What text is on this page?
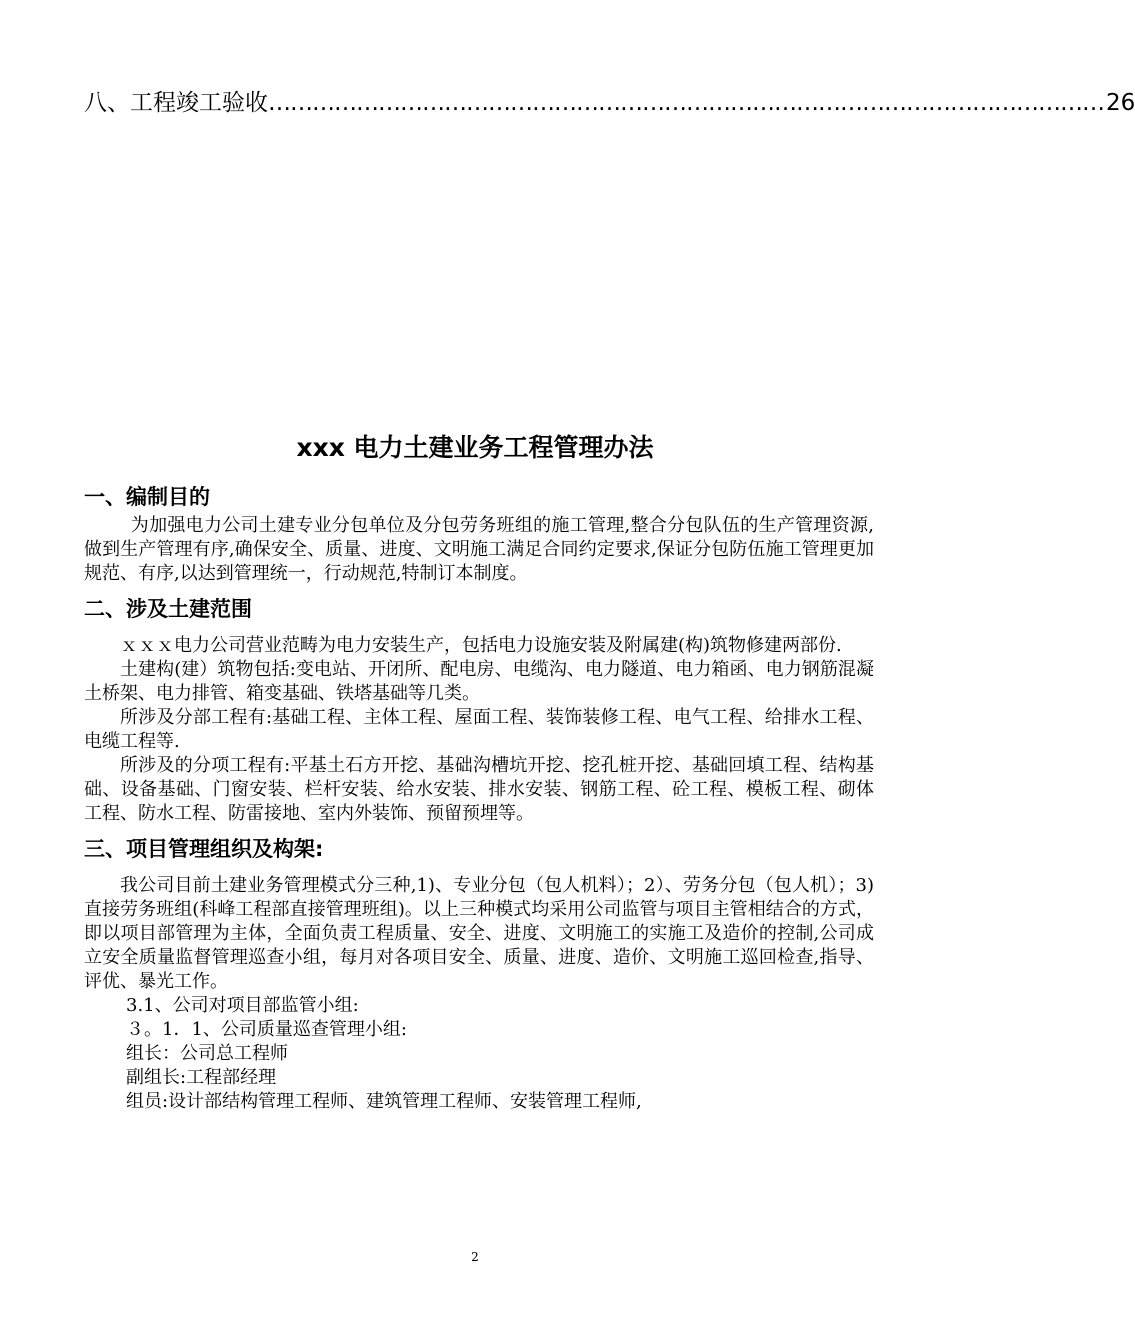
八、工程竣工验收 …………………………………………………………………………………………………… 26
xxx 电力土建业务工程管理办法
一、编制目的

为加强电力公司土建专业分包单位及分包劳务班组的施工管理,整合分包队伍的生产管理资源,做到生产管理有序,确保安全、质量、进度、文明施工满足合同约定要求,保证分包防伍施工管理更加规范、有序,以达到管理统一，行动规范,特制订本制度。

二、涉及土建范围

ｘｘｘ电力公司营业范畴为电力安装生产，包括电力设施安装及附属建(构)筑物修建两部份.

土建构(建）筑物包括:变电站、开闭所、配电房、电缆沟、电力隧道、电力箱函、电力钢筋混凝土桥架、电力排管、箱变基础、铁塔基础等几类。

所涉及分部工程有:基础工程、主体工程、屋面工程、装饰装修工程、电气工程、给排水工程、电缆工程等.

所涉及的分项工程有:平基土石方开挖、基础沟槽坑开挖、挖孔桩开挖、基础回填工程、结构基础、设备基础、门窗安装、栏杆安装、给水安装、排水安装、钢筋工程、砼工程、模板工程、砌体工程、防水工程、防雷接地、室内外装饰、预留预埋等。

三、项目管理组织及构架:

我公司目前土建业务管理模式分三种,1)、专业分包（包人机料）；2）、劳务分包（包人机）；3)直接劳务班组(科峰工程部直接管理班组)。以上三种模式均采用公司监管与项目主管相结合的方式，即以项目部管理为主体，全面负责工程质量、安全、进度、文明施工的实施工及造价的控制,公司成立安全质量监督管理巡查小组，每月对各项目安全、质量、进度、造价、文明施工巡回检查,指导、评优、暴光工作。

3.1、公司对项目部监管小组:

３。1．1、公司质量巡查管理小组:

组长：公司总工程师

副组长:工程部经理

组员:设计部结构管理工程师、建筑管理工程师、安装管理工程师,

2
